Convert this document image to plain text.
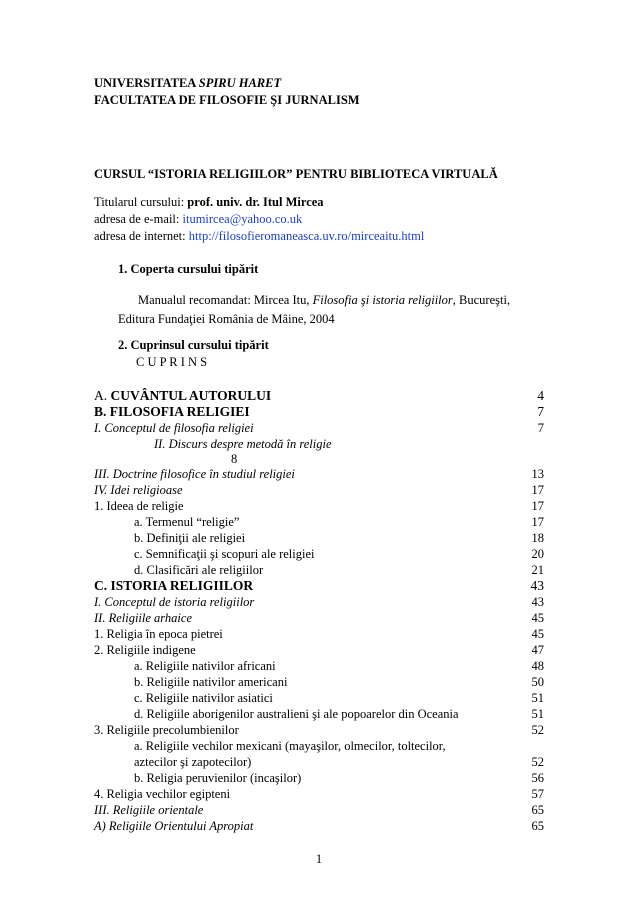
UNIVERSITATEA SPIRU HARET
FACULTATEA DE FILOSOFIE ŞI JURNALISM
CURSUL “ISTORIA RELIGIILOR” PENTRU BIBLIOTECA VIRTUALĂ
Titularul cursului: prof. univ. dr. Itul Mircea
adresa de e-mail: itumircea@yahoo.co.uk
adresa de internet: http://filosofieromaneasca.uv.ro/mirceaitu.html
1. Coperta cursului tipărit
Manualul recomandat: Mircea Itu, Filosofia şi istoria religiilor, Bucureşti,
Editura Fundaţiei România de Mâine, 2004
2. Cuprinsul cursului tipărit
C U P R I N S
A. CUVÂNTUL AUTORULUI	4
B. FILOSOFIA RELIGIEI	7
I. Conceptul de filosofia religiei	7
II. Discurs despre metodă în religie
8
III. Doctrine filosofice în studiul religiei	13
IV. Idei religioase	17
1. Ideea de religie	17
a. Termenul “religie”	17
b. Definiţii ale religiei	18
c. Semnificaţii şi scopuri ale religiei	20
d. Clasificări ale religiilor	21
C. ISTORIA RELIGIILOR	43
I. Conceptul de istoria religiilor	43
II. Religiile arhaice	45
1. Religia în epoca pietrei	45
2. Religiile indigene	47
a. Religiile nativilor africani	48
b. Religiile nativilor americani	50
c. Religiile nativilor asiatici	51
d. Religiile aborigenilor australieni şi ale popoarelor din Oceania	51
3. Religiile precolumbienilor	52
a. Religiile vechilor mexicani (mayaşilor, olmecilor, toltecilor,
aztecilor şi zapotecilor)	52
b. Religia peruvienilor (incaşilor)	56
4. Religia vechilor egipteni	57
III. Religiile orientale	65
A) Religiile Orientului Apropiat	65
1
